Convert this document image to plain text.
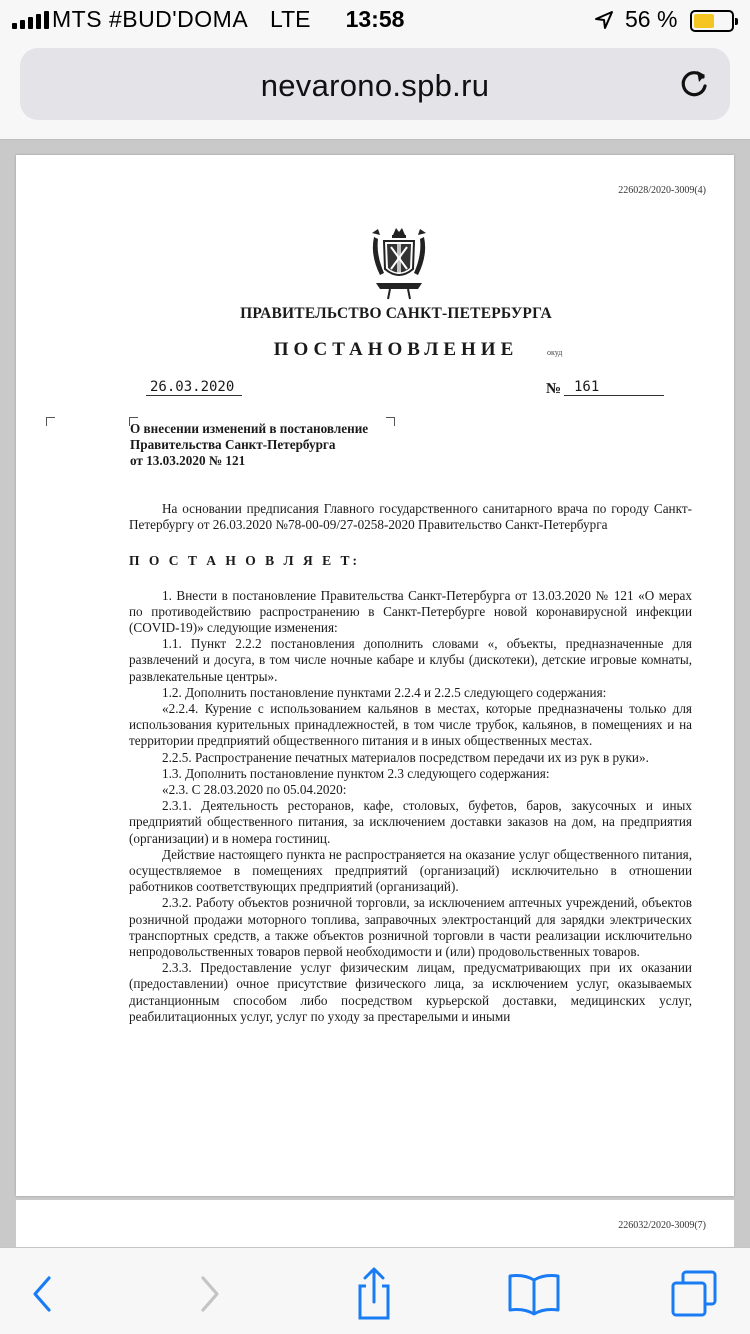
MTS #BUD'DOMA LTE	13:58	56 %
nevarono.spb.ru
226028/2020-3009(4)
ПРАВИТЕЛЬСТВО САНКТ-ПЕТЕРБУРГА
ПОСТАНОВЛЕНИЕ	окуд
26.03.2020	№ 161
О внесении изменений в постановление
Правительства Санкт-Петербурга
от 13.03.2020 № 121

На основании предписания Главного государственного санитарного врача по городу Санкт-Петербургу от 26.03.2020 №78-00-09/27-0258-2020 Правительство Санкт-Петербурга

П О С Т А Н О В Л Я Е Т:

1. Внести в постановление Правительства Санкт-Петербурга от 13.03.2020 № 121 «О мерах по противодействию распространению в Санкт-Петербурге новой коронавирусной инфекции (COVID-19)» следующие изменения:

1.1. Пункт 2.2.2 постановления дополнить словами «, объекты, предназначенные для развлечений и досуга, в том числе ночные кабаре и клубы (дискотеки), детские игровые комнаты, развлекательные центры».

1.2. Дополнить постановление пунктами 2.2.4 и 2.2.5 следующего содержания:

«2.2.4. Курение с использованием кальянов в местах, которые предназначены только для использования курительных принадлежностей, в том числе трубок, кальянов, в помещениях и на территории предприятий общественного питания и в иных общественных местах.

2.2.5. Распространение печатных материалов посредством передачи их из рук в руки».

1.3. Дополнить постановление пунктом 2.3 следующего содержания:

«2.3. С 28.03.2020 по 05.04.2020:

2.3.1. Деятельность ресторанов, кафе, столовых, буфетов, баров, закусочных и иных предприятий общественного питания, за исключением доставки заказов на дом, на предприятия (организации) и в номера гостиниц.

Действие настоящего пункта не распространяется на оказание услуг общественного питания, осуществляемое в помещениях предприятий (организаций) исключительно в отношении работников соответствующих предприятий (организаций).

2.3.2. Работу объектов розничной торговли, за исключением аптечных учреждений, объектов розничной продажи моторного топлива, заправочных электростанций для зарядки электрических транспортных средств, а также объектов розничной торговли в части реализации исключительно непродовольственных товаров первой необходимости и (или) продовольственных товаров.

2.3.3. Предоставление услуг физическим лицам, предусматривающих при их оказании (предоставлении) очное присутствие физического лица, за исключением услуг, оказываемых дистанционным способом либо посредством курьерской доставки, медицинских услуг, реабилитационных услуг, услуг по уходу за престарелыми и иными

226032/2020-3009(7)
